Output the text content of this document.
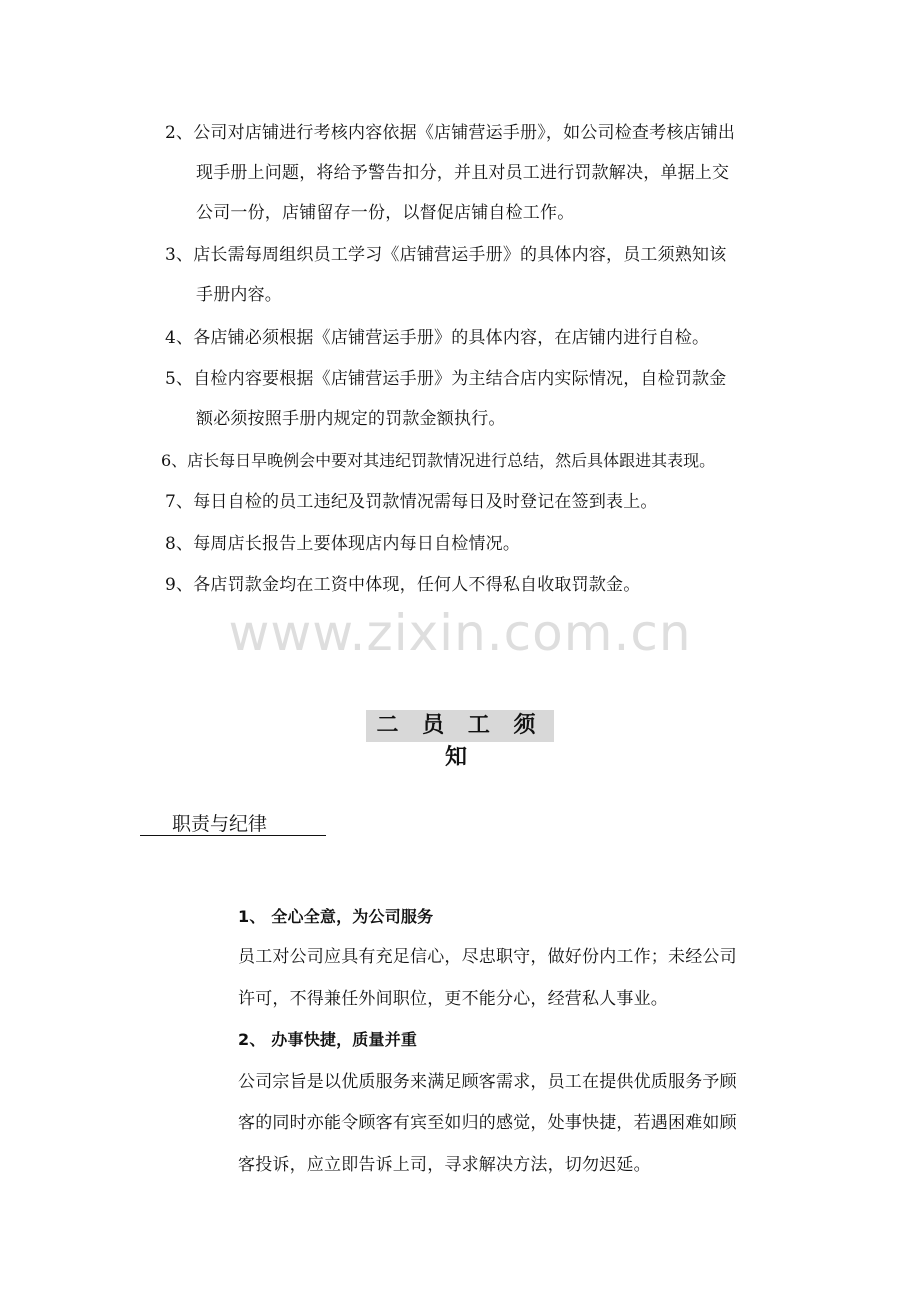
2、公司对店铺进行考核内容依据《店铺营运手册》，如公司检查考核店铺出
现手册上问题，将给予警告扣分，并且对员工进行罚款解决，单据上交
公司一份，店铺留存一份，以督促店铺自检工作。
3、店长需每周组织员工学习《店铺营运手册》的具体内容，员工须熟知该
手册内容。
4、各店铺必须根据《店铺营运手册》的具体内容，在店铺内进行自检。
5、自检内容要根据《店铺营运手册》为主结合店内实际情况，自检罚款金
额必须按照手册内规定的罚款金额执行。
6、店长每日早晚例会中要对其违纪罚款情况进行总结，然后具体跟进其表现。
7、每日自检的员工违纪及罚款情况需每日及时登记在签到表上。
8、每周店长报告上要体现店内每日自检情况。
9、各店罚款金均在工资中体现，任何人不得私自收取罚款金。
www.zixin.com.cn
二 员 工 须 知
职责与纪律
1、 全心全意，为公司服务
员工对公司应具有充足信心，尽忠职守，做好份内工作；未经公司
许可，不得兼任外间职位，更不能分心，经营私人事业。
2、 办事快捷，质量并重
公司宗旨是以优质服务来满足顾客需求，员工在提供优质服务予顾
客的同时亦能令顾客有宾至如归的感觉，处事快捷，若遇困难如顾
客投诉，应立即告诉上司，寻求解决方法，切勿迟延。
